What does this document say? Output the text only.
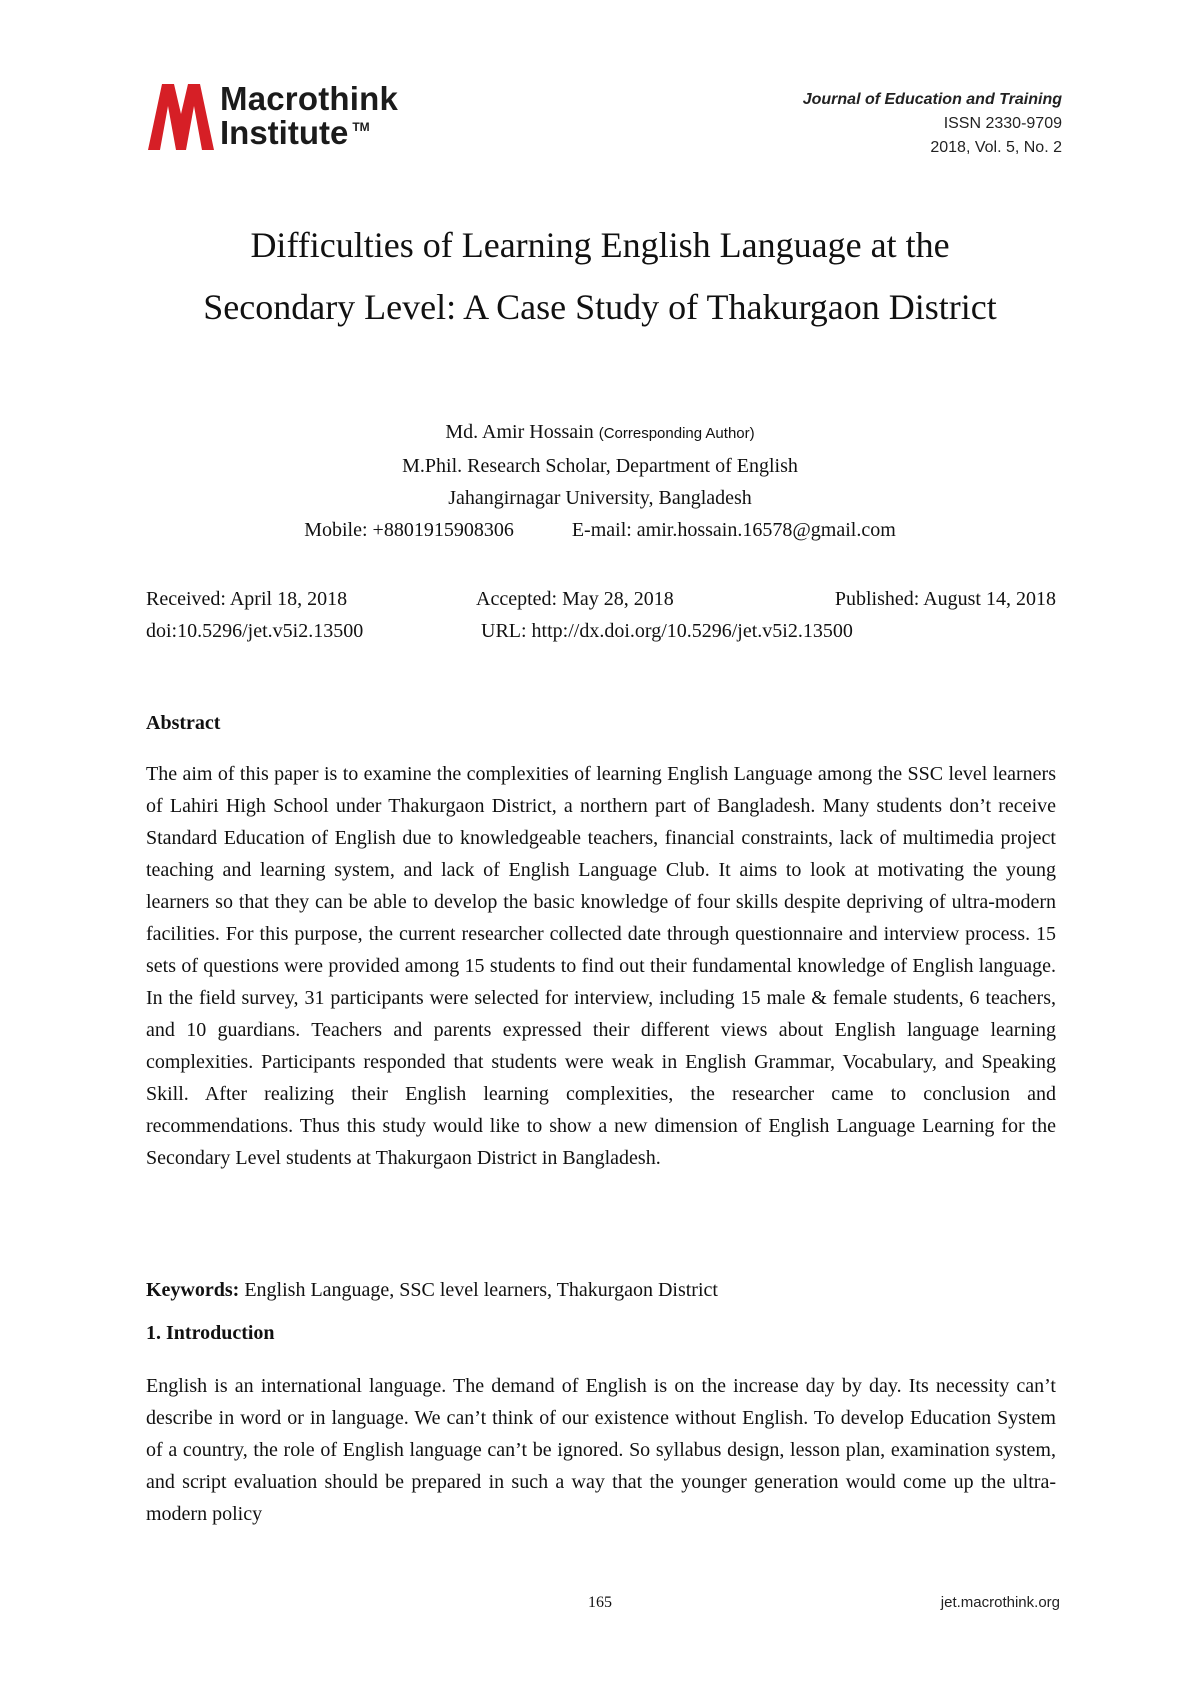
Macrothink
Institute ™
Journal of Education and Training
ISSN 2330-9709
2018, Vol. 5, No. 2
Difficulties of Learning English Language at the
Secondary Level: A Case Study of Thakurgaon District
Md. Amir Hossain (Corresponding Author)
M.Phil. Research Scholar, Department of English
Jahangirnagar University, Bangladesh
Mobile: +8801915908306	E-mail: amir.hossain.16578@gmail.com
Received: April 18, 2018	Accepted: May 28, 2018	Published: August 14, 2018
doi:10.5296/jet.v5i2.13500	URL: http://dx.doi.org/10.5296/jet.v5i2.13500
Abstract
The aim of this paper is to examine the complexities of learning English Language among the SSC level learners of Lahiri High School under Thakurgaon District, a northern part of Bangladesh. Many students don’t receive Standard Education of English due to knowledgeable teachers, financial constraints, lack of multimedia project teaching and learning system, and lack of English Language Club. It aims to look at motivating the young learners so that they can be able to develop the basic knowledge of four skills despite depriving of ultra-modern facilities. For this purpose, the current researcher collected date through questionnaire and interview process. 15 sets of questions were provided among 15 students to find out their fundamental knowledge of English language. In the field survey, 31 participants were selected for interview, including 15 male & female students, 6 teachers, and 10 guardians. Teachers and parents expressed their different views about English language learning complexities. Participants responded that students were weak in English Grammar, Vocabulary, and Speaking Skill. After realizing their English learning complexities, the researcher came to conclusion and recommendations. Thus this study would like to show a new dimension of English Language Learning for the Secondary Level students at Thakurgaon District in Bangladesh.
Keywords: English Language, SSC level learners, Thakurgaon District
1. Introduction
English is an international language. The demand of English is on the increase day by day. Its necessity can’t describe in word or in language. We can’t think of our existence without English. To develop Education System of a country, the role of English language can’t be ignored. So syllabus design, lesson plan, examination system, and script evaluation should be prepared in such a way that the younger generation would come up the ultra-modern policy
165	jet.macrothink.org
